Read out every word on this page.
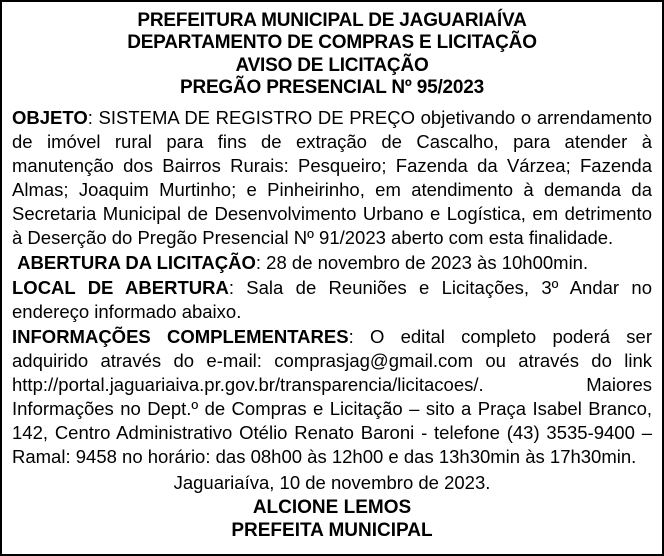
PREFEITURA MUNICIPAL DE JAGUARIAÍVA
DEPARTAMENTO DE COMPRAS E LICITAÇÃO
AVISO DE LICITAÇÃO
PREGÃO PRESENCIAL Nº 95/2023

OBJETO: SISTEMA DE REGISTRO DE PREÇO objetivando o arrendamento de imóvel rural para fins de extração de Cascalho, para atender à manutenção dos Bairros Rurais: Pesqueiro; Fazenda da Várzea; Fazenda Almas; Joaquim Murtinho; e Pinheirinho, em atendimento à demanda da Secretaria Municipal de Desenvolvimento Urbano e Logística, em detrimento à Deserção do Pregão Presencial Nº 91/2023 aberto com esta finalidade.

ABERTURA DA LICITAÇÃO: 28 de novembro de 2023 às 10h00min.

LOCAL DE ABERTURA: Sala de Reuniões e Licitações, 3º Andar no endereço informado abaixo.

INFORMAÇÕES COMPLEMENTARES: O edital completo poderá ser adquirido através do e-mail: comprasjag@gmail.com ou através do link http://portal.jaguariaiva.pr.gov.br/transparencia/licitacoes/. Maiores Informações no Dept.º de Compras e Licitação – sito a Praça Isabel Branco, 142, Centro Administrativo Otélio Renato Baroni - telefone (43) 3535-9400 – Ramal: 9458 no horário: das 08h00 às 12h00 e das 13h30min às 17h30min.

Jaguariaíva, 10 de novembro de 2023.
ALCIONE LEMOS
PREFEITA MUNICIPAL
